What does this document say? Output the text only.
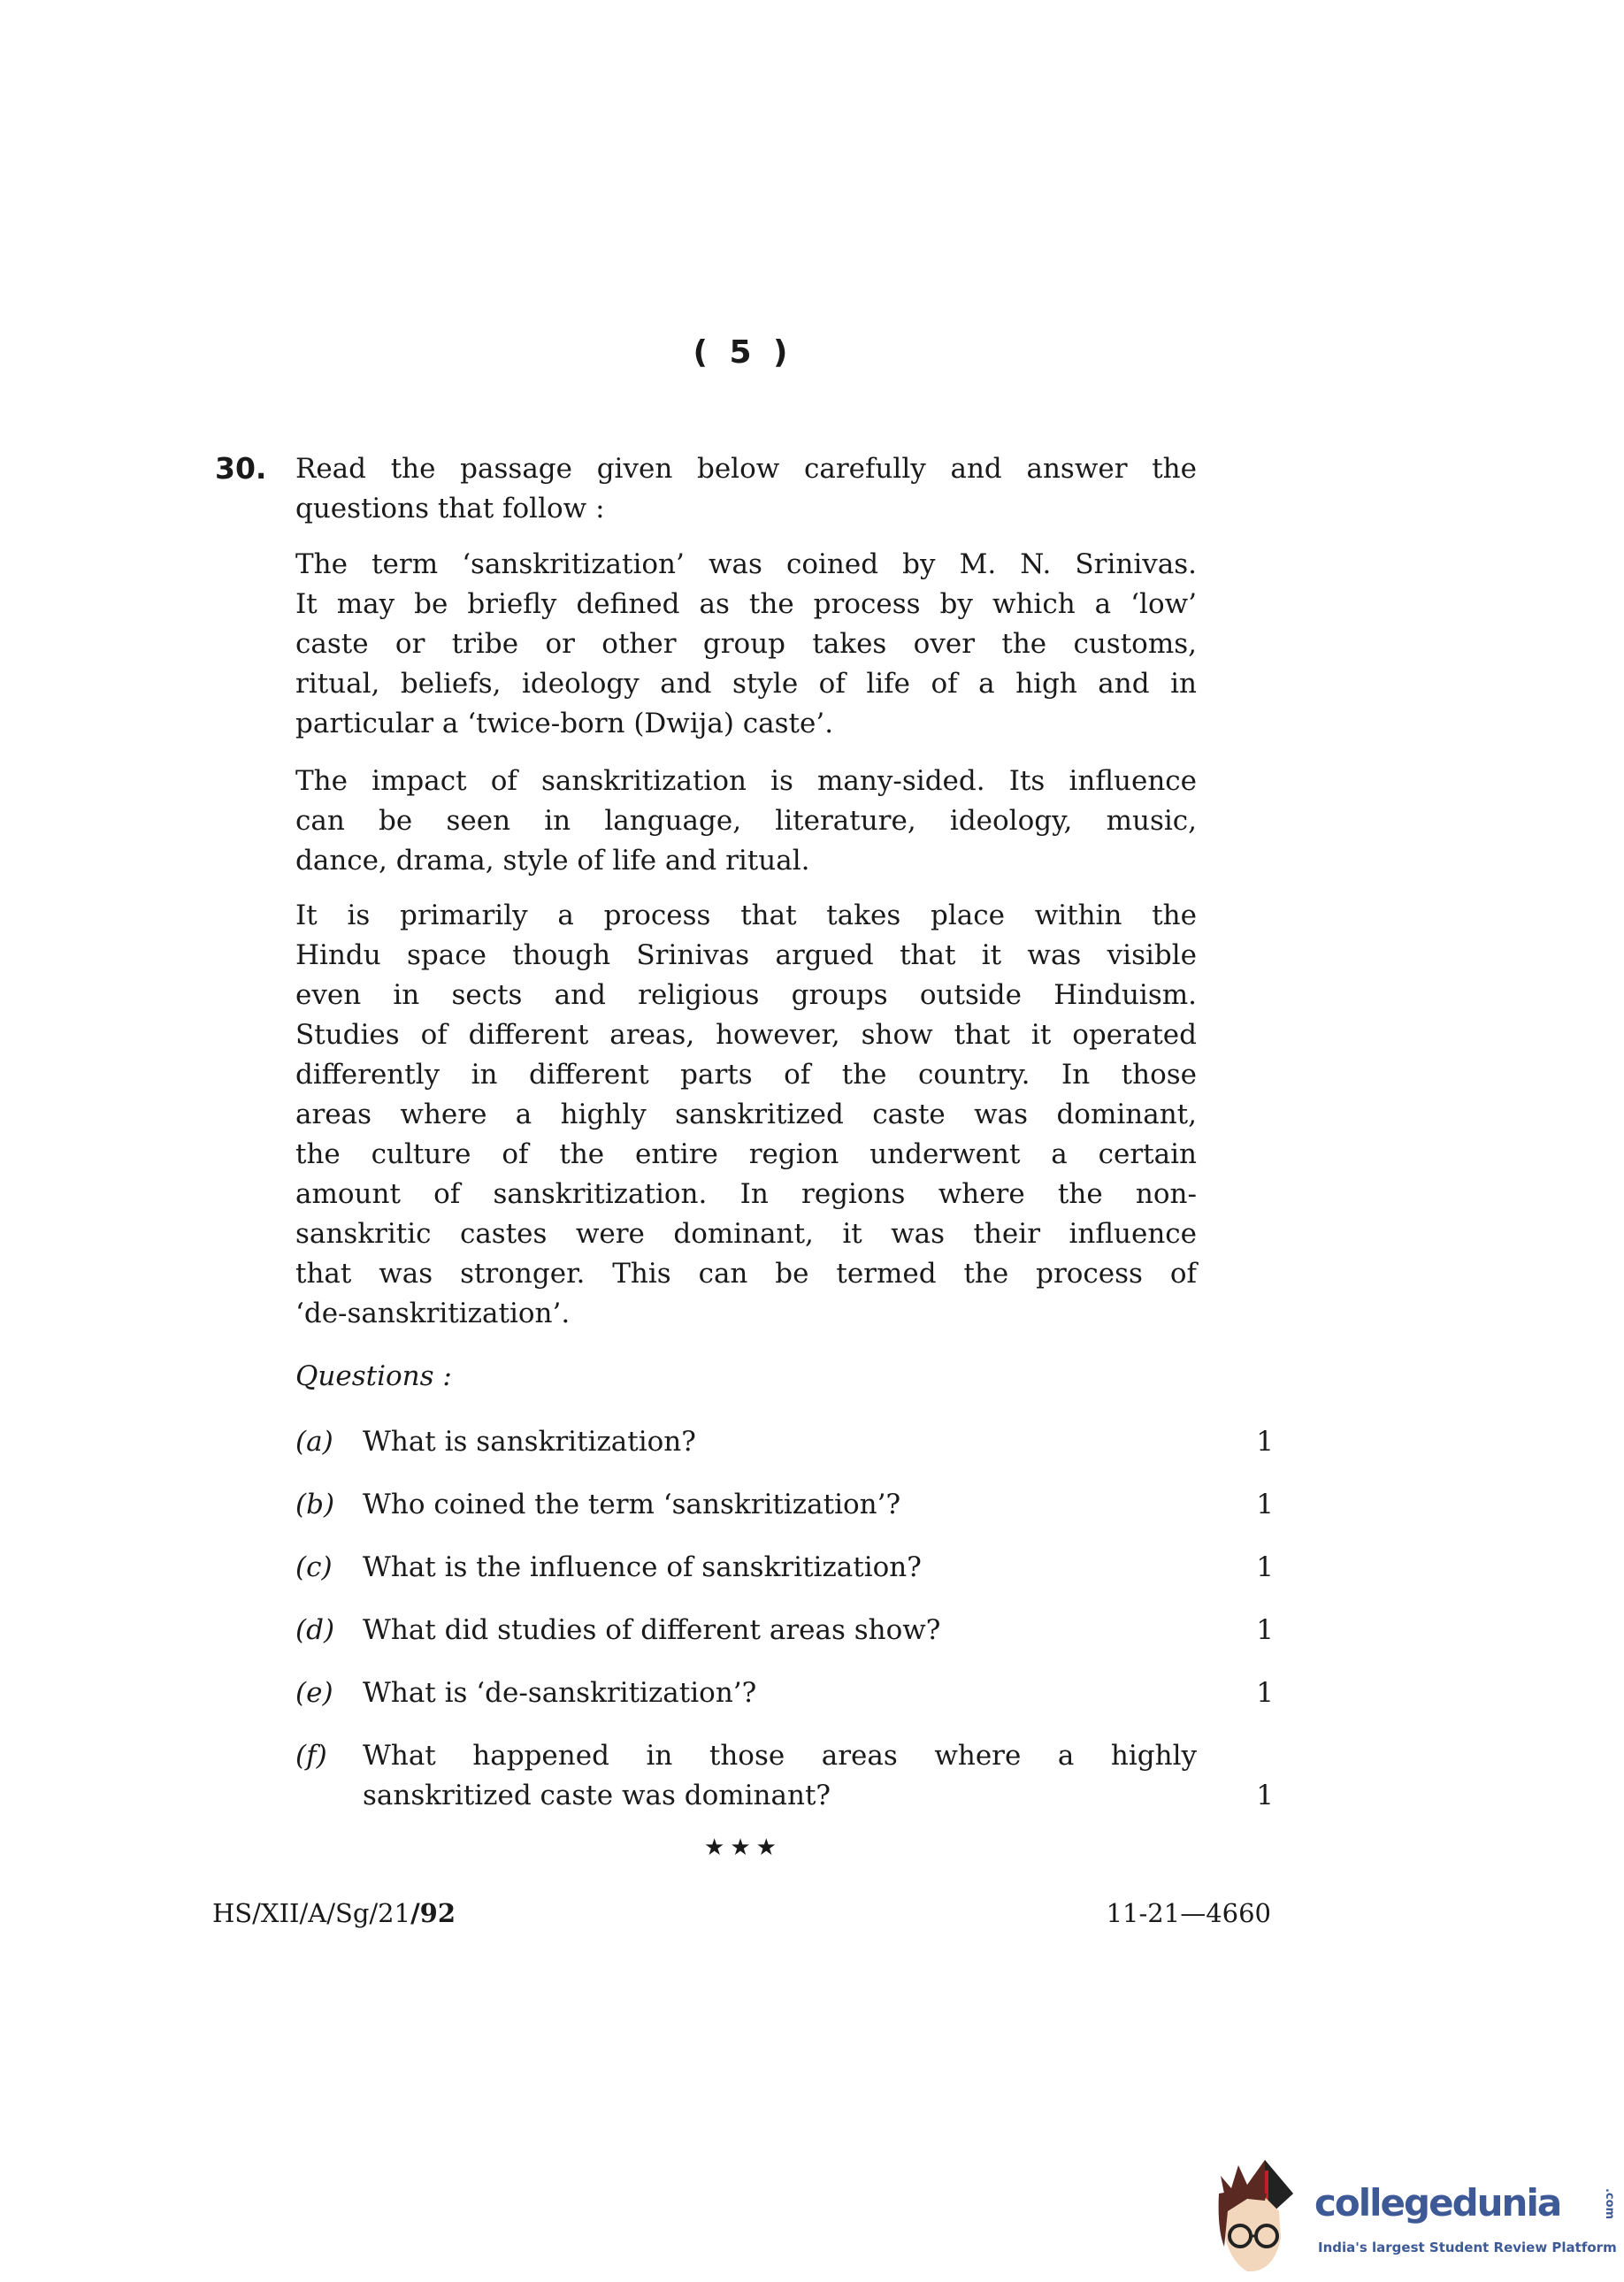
( 5 )
30. Read the passage given below carefully and answer the
questions that follow :
The term ‘sanskritization’ was coined by M. N. Srinivas.
It may be briefly defined as the process by which a ‘low’
caste or tribe or other group takes over the customs,
ritual, beliefs, ideology and style of life of a high and in
particular a ‘twice-born (Dwija) caste’.
The impact of sanskritization is many-sided. Its influence
can be seen in language, literature, ideology, music,
dance, drama, style of life and ritual.
It is primarily a process that takes place within the
Hindu space though Srinivas argued that it was visible
even in sects and religious groups outside Hinduism.
Studies of different areas, however, show that it operated
differently in different parts of the country. In those
areas where a highly sanskritized caste was dominant,
the culture of the entire region underwent a certain
amount of sanskritization. In regions where the non-
sanskritic castes were dominant, it was their influence
that was stronger. This can be termed the process of
‘de-sanskritization’.
Questions :
(a) What is sanskritization?	1
(b) Who coined the term ‘sanskritization’?	1
(c) What is the influence of sanskritization?	1
(d) What did studies of different areas show?	1
(e) What is ‘de-sanskritization’?	1
(f) What happened in those areas where a highly
sanskritized caste was dominant?	1
★★★
HS/XII/A/Sg/21/92	11-21—4660
collegedunia	.com
India's largest Student Review Platform
